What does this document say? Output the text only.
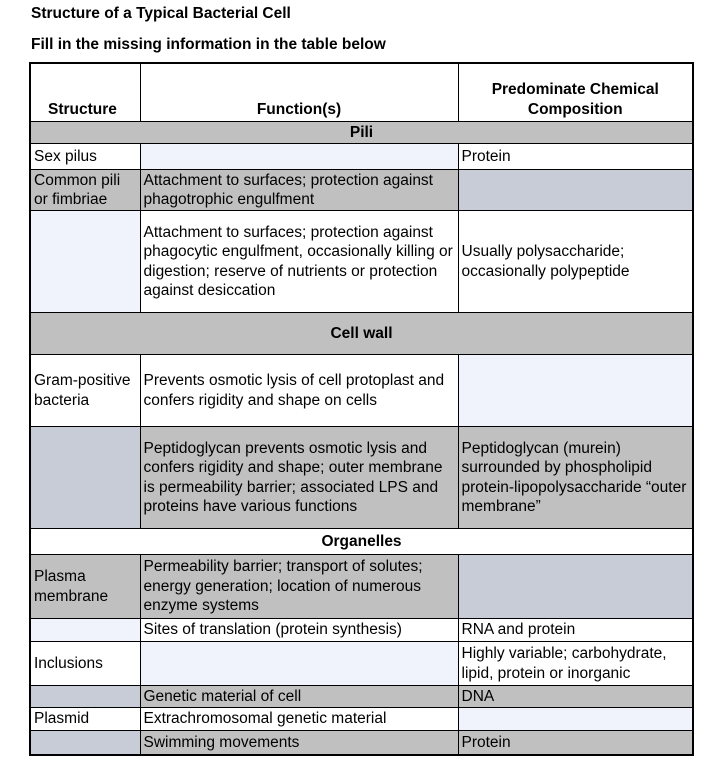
Structure of a Typical Bacterial Cell
Fill in the missing information in the table below
Structure	Function(s)	Predominate Chemical Composition
Pili		
Sex pilus		Protein
Common pili or fimbriae	Attachment to surfaces; protection against phagotrophic engulfment	
	Attachment to surfaces; protection against phagocytic engulfment, occasionally killing or digestion; reserve of nutrients or protection against desiccation	Usually polysaccharide; occasionally polypeptide
Cell wall		
Gram-positive bacteria	Prevents osmotic lysis of cell protoplast and confers rigidity and shape on cells	
	Peptidoglycan prevents osmotic lysis and confers rigidity and shape; outer membrane is permeability barrier; associated LPS and proteins have various functions	Peptidoglycan (murein) surrounded by phospholipid protein-lipopolysaccharide “outer membrane”
Organelles		
Plasma membrane	Permeability barrier; transport of solutes; energy generation; location of numerous enzyme systems	
	Sites of translation (protein synthesis)	RNA and protein
Inclusions		Highly variable; carbohydrate, lipid, protein or inorganic
	Genetic material of cell	DNA
Plasmid	Extrachromosomal genetic material	
	Swimming movements	Protein
